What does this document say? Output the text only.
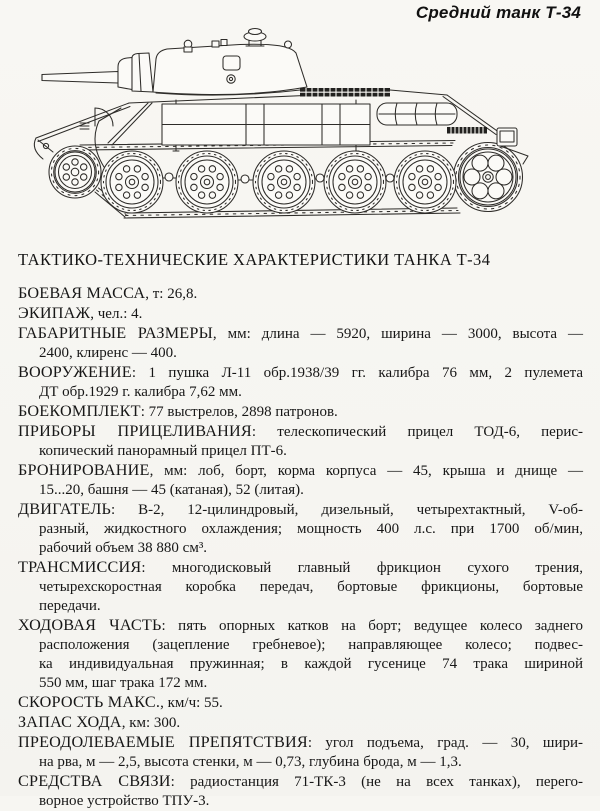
Средний танк Т-34
ТАКТИКО-ТЕХНИЧЕСКИЕ ХАРАКТЕРИСТИКИ ТАНКА Т-34

БОЕВАЯ МАССА, т: 26,8.

ЭКИПАЖ, чел.: 4.

ГАБАРИТНЫЕ РАЗМЕРЫ, мм: длина — 5920, ширина — 3000, высота —
2400, клиренс — 400.

ВООРУЖЕНИЕ: 1 пушка Л-11 обр.1938/39 гг. калибра 76 мм, 2 пулемета
ДТ обр.1929 г. калибра 7,62 мм.

БОЕКОМПЛЕКТ: 77 выстрелов, 2898 патронов.

ПРИБОРЫ ПРИЦЕЛИВАНИЯ: телескопический прицел ТОД-6, перис-
копический панорамный прицел ПТ-6.

БРОНИРОВАНИЕ, мм: лоб, борт, корма корпуса — 45, крыша и днище —
15...20, башня — 45 (катаная), 52 (литая).

ДВИГАТЕЛЬ: В-2, 12-цилиндровый, дизельный, четырехтактный, V-об-
разный, жидкостного охлаждения; мощность 400 л.с. при 1700 об/мин,
рабочий объем 38 880 см³.

ТРАНСМИССИЯ: многодисковый главный фрикцион сухого трения,
четырехскоростная коробка передач, бортовые фрикционы, бортовые
передачи.

ХОДОВАЯ ЧАСТЬ: пять опорных катков на борт; ведущее колесо заднего
расположения (зацепление гребневое); направляющее колесо; подвес-
ка индивидуальная пружинная; в каждой гусенице 74 трака шириной
550 мм, шаг трака 172 мм.

СКОРОСТЬ МАКС., км/ч: 55.

ЗАПАС ХОДА, км: 300.

ПРЕОДОЛЕВАЕМЫЕ ПРЕПЯТСТВИЯ: угол подъема, град. — 30, шири-
на рва, м — 2,5, высота стенки, м — 0,73, глубина брода, м — 1,3.

СРЕДСТВА СВЯЗИ: радиостанция 71-ТК-3 (не на всех танках), перего-
ворное устройство ТПУ-3.
